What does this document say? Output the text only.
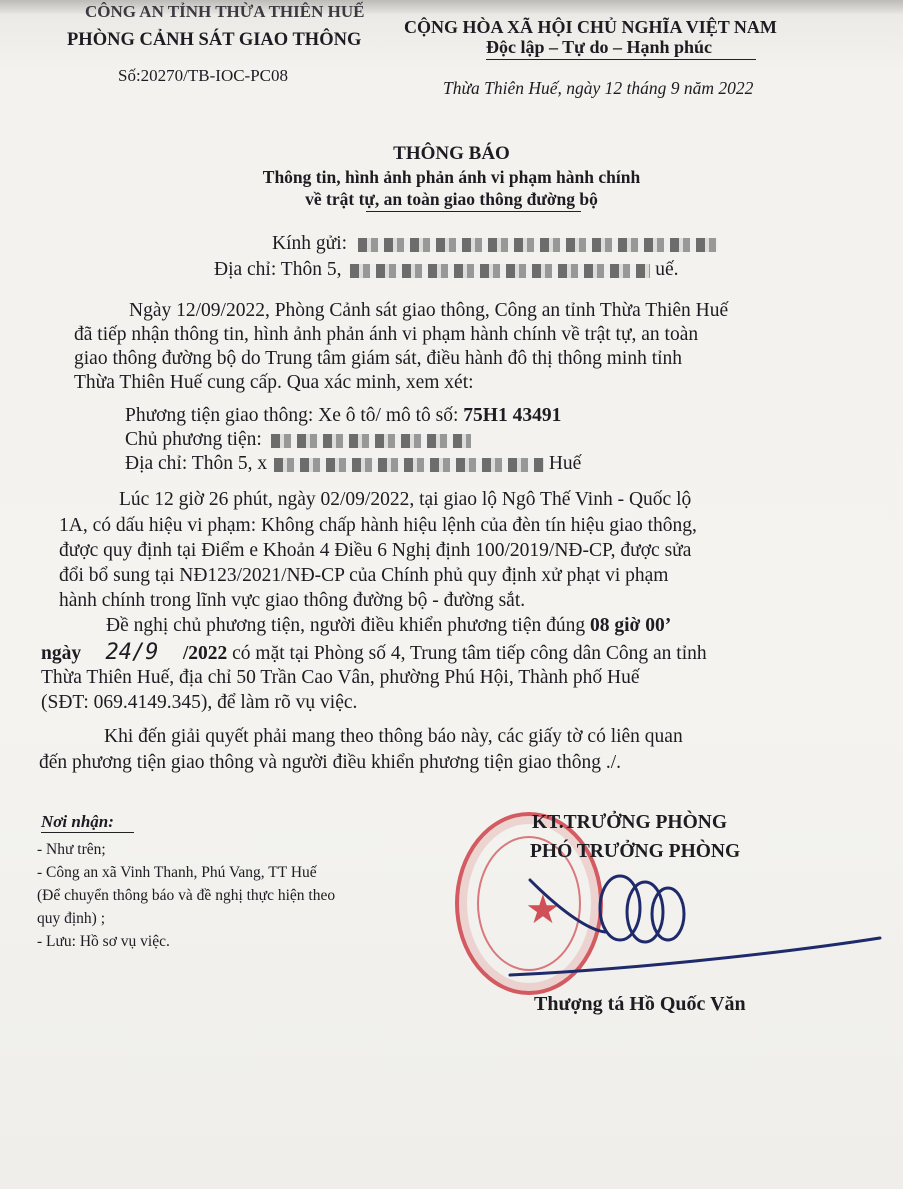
CÔNG AN TỈNH THỪA THIÊN HUẾ
PHÒNG CẢNH SÁT GIAO THÔNG
Số:20270/TB-IOC-PC08
CỘNG HÒA XÃ HỘI CHỦ NGHĨA VIỆT NAM
Độc lập – Tự do – Hạnh phúc
Thừa Thiên Huế, ngày 12 tháng 9 năm 2022
THÔNG BÁO
Thông tin, hình ảnh phản ánh vi phạm hành chính
về trật tự, an toàn giao thông đường bộ
Kính gửi:
Địa chỉ: Thôn 5,	uế.
Ngày 12/09/2022, Phòng Cảnh sát giao thông, Công an tỉnh Thừa Thiên Huế
đã tiếp nhận thông tin, hình ảnh phản ánh vi phạm hành chính về trật tự, an toàn
giao thông đường bộ do Trung tâm giám sát, điều hành đô thị thông minh tỉnh
Thừa Thiên Huế cung cấp. Qua xác minh, xem xét:
Phương tiện giao thông: Xe ô tô/ mô tô số: 75H1 43491
Chủ phương tiện:
Địa chỉ: Thôn 5, x	Huế
Lúc 12 giờ 26 phút, ngày 02/09/2022, tại giao lộ Ngô Thế Vinh - Quốc lộ
1A, có dấu hiệu vi phạm: Không chấp hành hiệu lệnh của đèn tín hiệu giao thông,
được quy định tại Điểm e Khoản 4 Điều 6 Nghị định 100/2019/NĐ-CP, được sửa
đổi bổ sung tại NĐ123/2021/NĐ-CP của Chính phủ quy định xử phạt vi phạm
hành chính trong lĩnh vực giao thông đường bộ - đường sắt.
Đề nghị chủ phương tiện, người điều khiển phương tiện đúng 08 giờ 00’
ngày 24/9 /2022 có mặt tại Phòng số 4, Trung tâm tiếp công dân Công an tỉnh
Thừa Thiên Huế, địa chỉ 50 Trần Cao Vân, phường Phú Hội, Thành phố Huế
(SĐT: 069.4149.345), để làm rõ vụ việc.
Khi đến giải quyết phải mang theo thông báo này, các giấy tờ có liên quan
đến phương tiện giao thông và người điều khiển phương tiện giao thông ./.
Nơi nhận:
- Như trên;
- Công an xã Vinh Thanh, Phú Vang, TT Huế
(Để chuyển thông báo và đề nghị thực hiện theo
quy định) ;
- Lưu: Hồ sơ vụ việc.
★
KT.TRƯỞNG PHÒNG
PHÓ TRƯỞNG PHÒNG
Thượng tá Hồ Quốc Văn
